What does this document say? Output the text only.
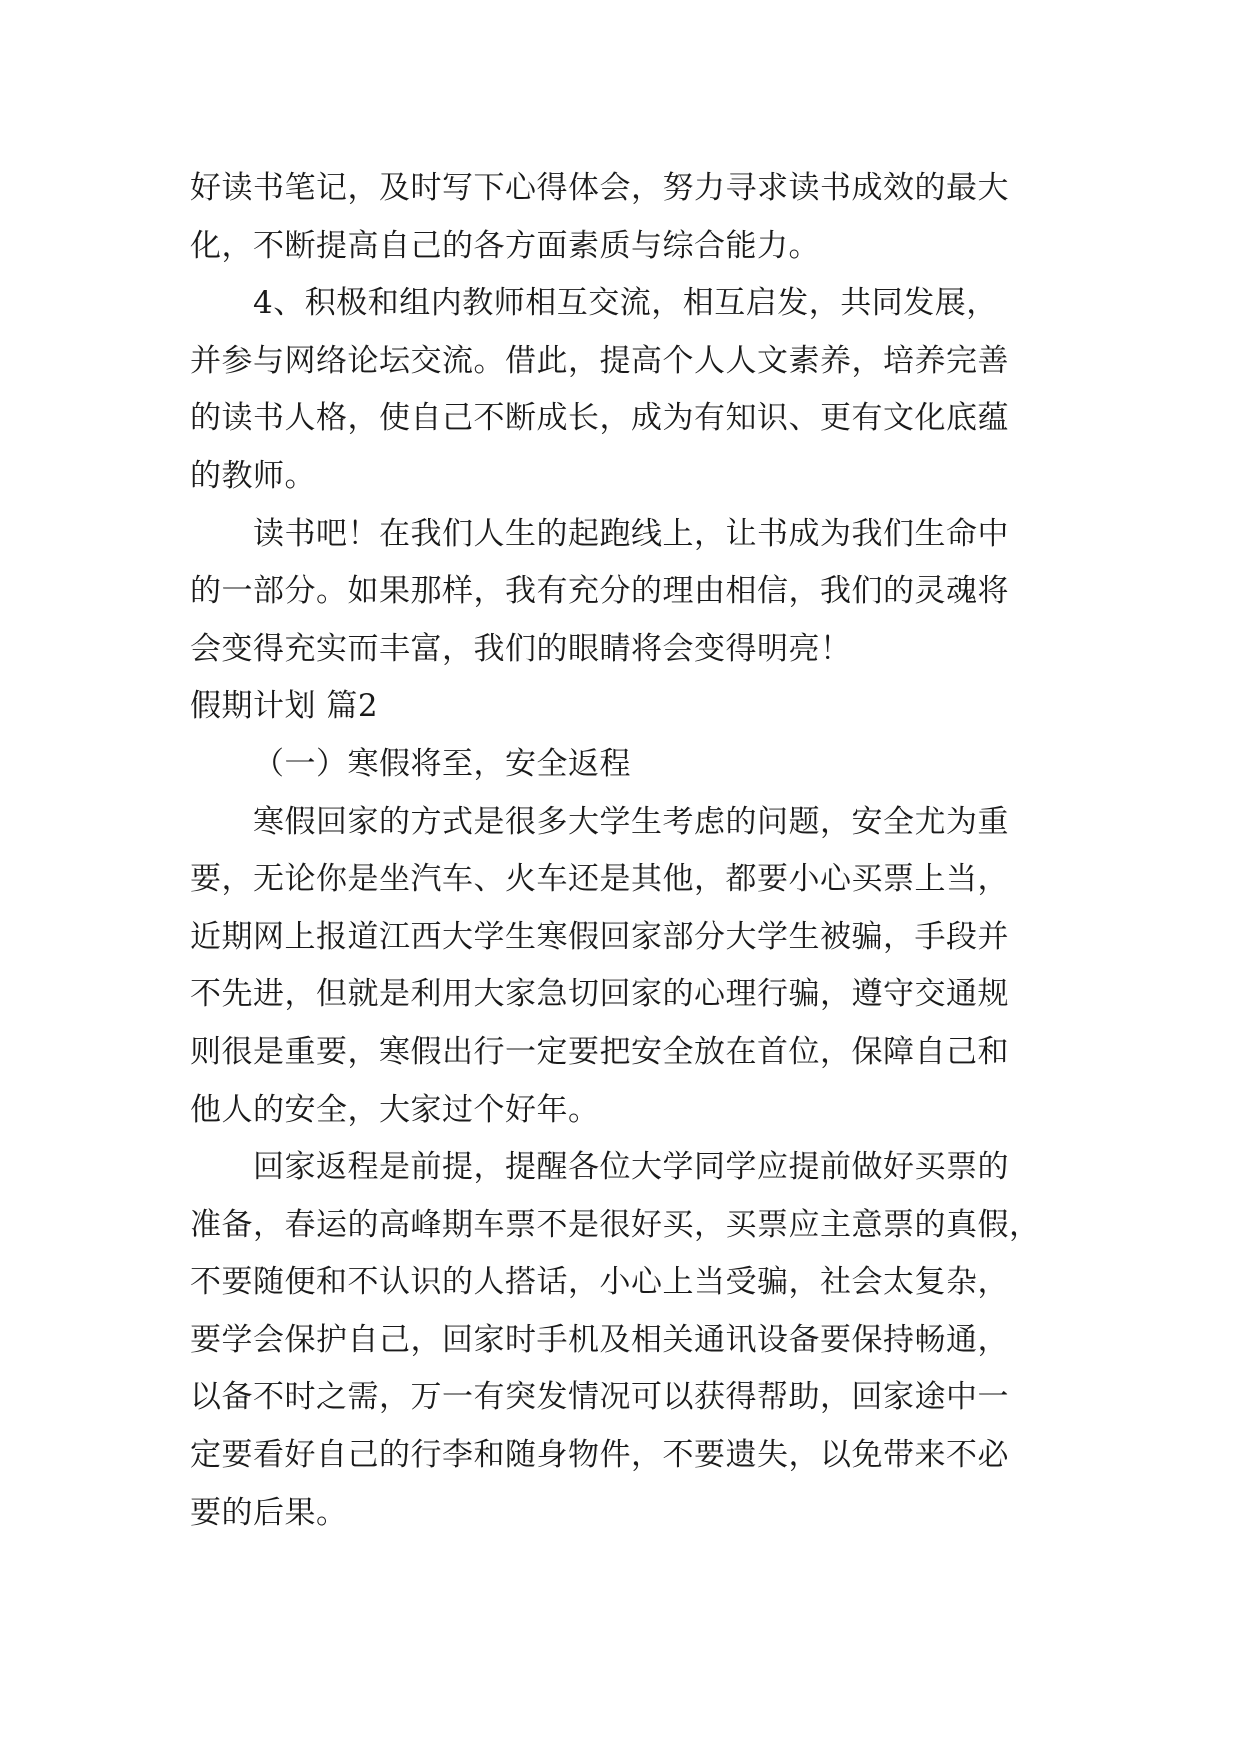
好读书笔记，及时写下心得体会，努力寻求读书成效的最大
化，不断提高自己的各方面素质与综合能力。
4、积极和组内教师相互交流，相互启发，共同发展，
并参与网络论坛交流。借此，提高个人人文素养，培养完善
的读书人格，使自己不断成长，成为有知识、更有文化底蕴
的教师。
读书吧！在我们人生的起跑线上，让书成为我们生命中
的一部分。如果那样，我有充分的理由相信，我们的灵魂将
会变得充实而丰富，我们的眼睛将会变得明亮！
假期计划 篇2
（一）寒假将至，安全返程
寒假回家的方式是很多大学生考虑的问题，安全尤为重
要，无论你是坐汽车、火车还是其他，都要小心买票上当，
近期网上报道江西大学生寒假回家部分大学生被骗，手段并
不先进，但就是利用大家急切回家的心理行骗，遵守交通规
则很是重要，寒假出行一定要把安全放在首位，保障自己和
他人的安全，大家过个好年。
回家返程是前提，提醒各位大学同学应提前做好买票的
准备，春运的高峰期车票不是很好买，买票应主意票的真假，
不要随便和不认识的人搭话，小心上当受骗，社会太复杂，
要学会保护自己，回家时手机及相关通讯设备要保持畅通，
以备不时之需，万一有突发情况可以获得帮助，回家途中一
定要看好自己的行李和随身物件，不要遗失，以免带来不必
要的后果。
